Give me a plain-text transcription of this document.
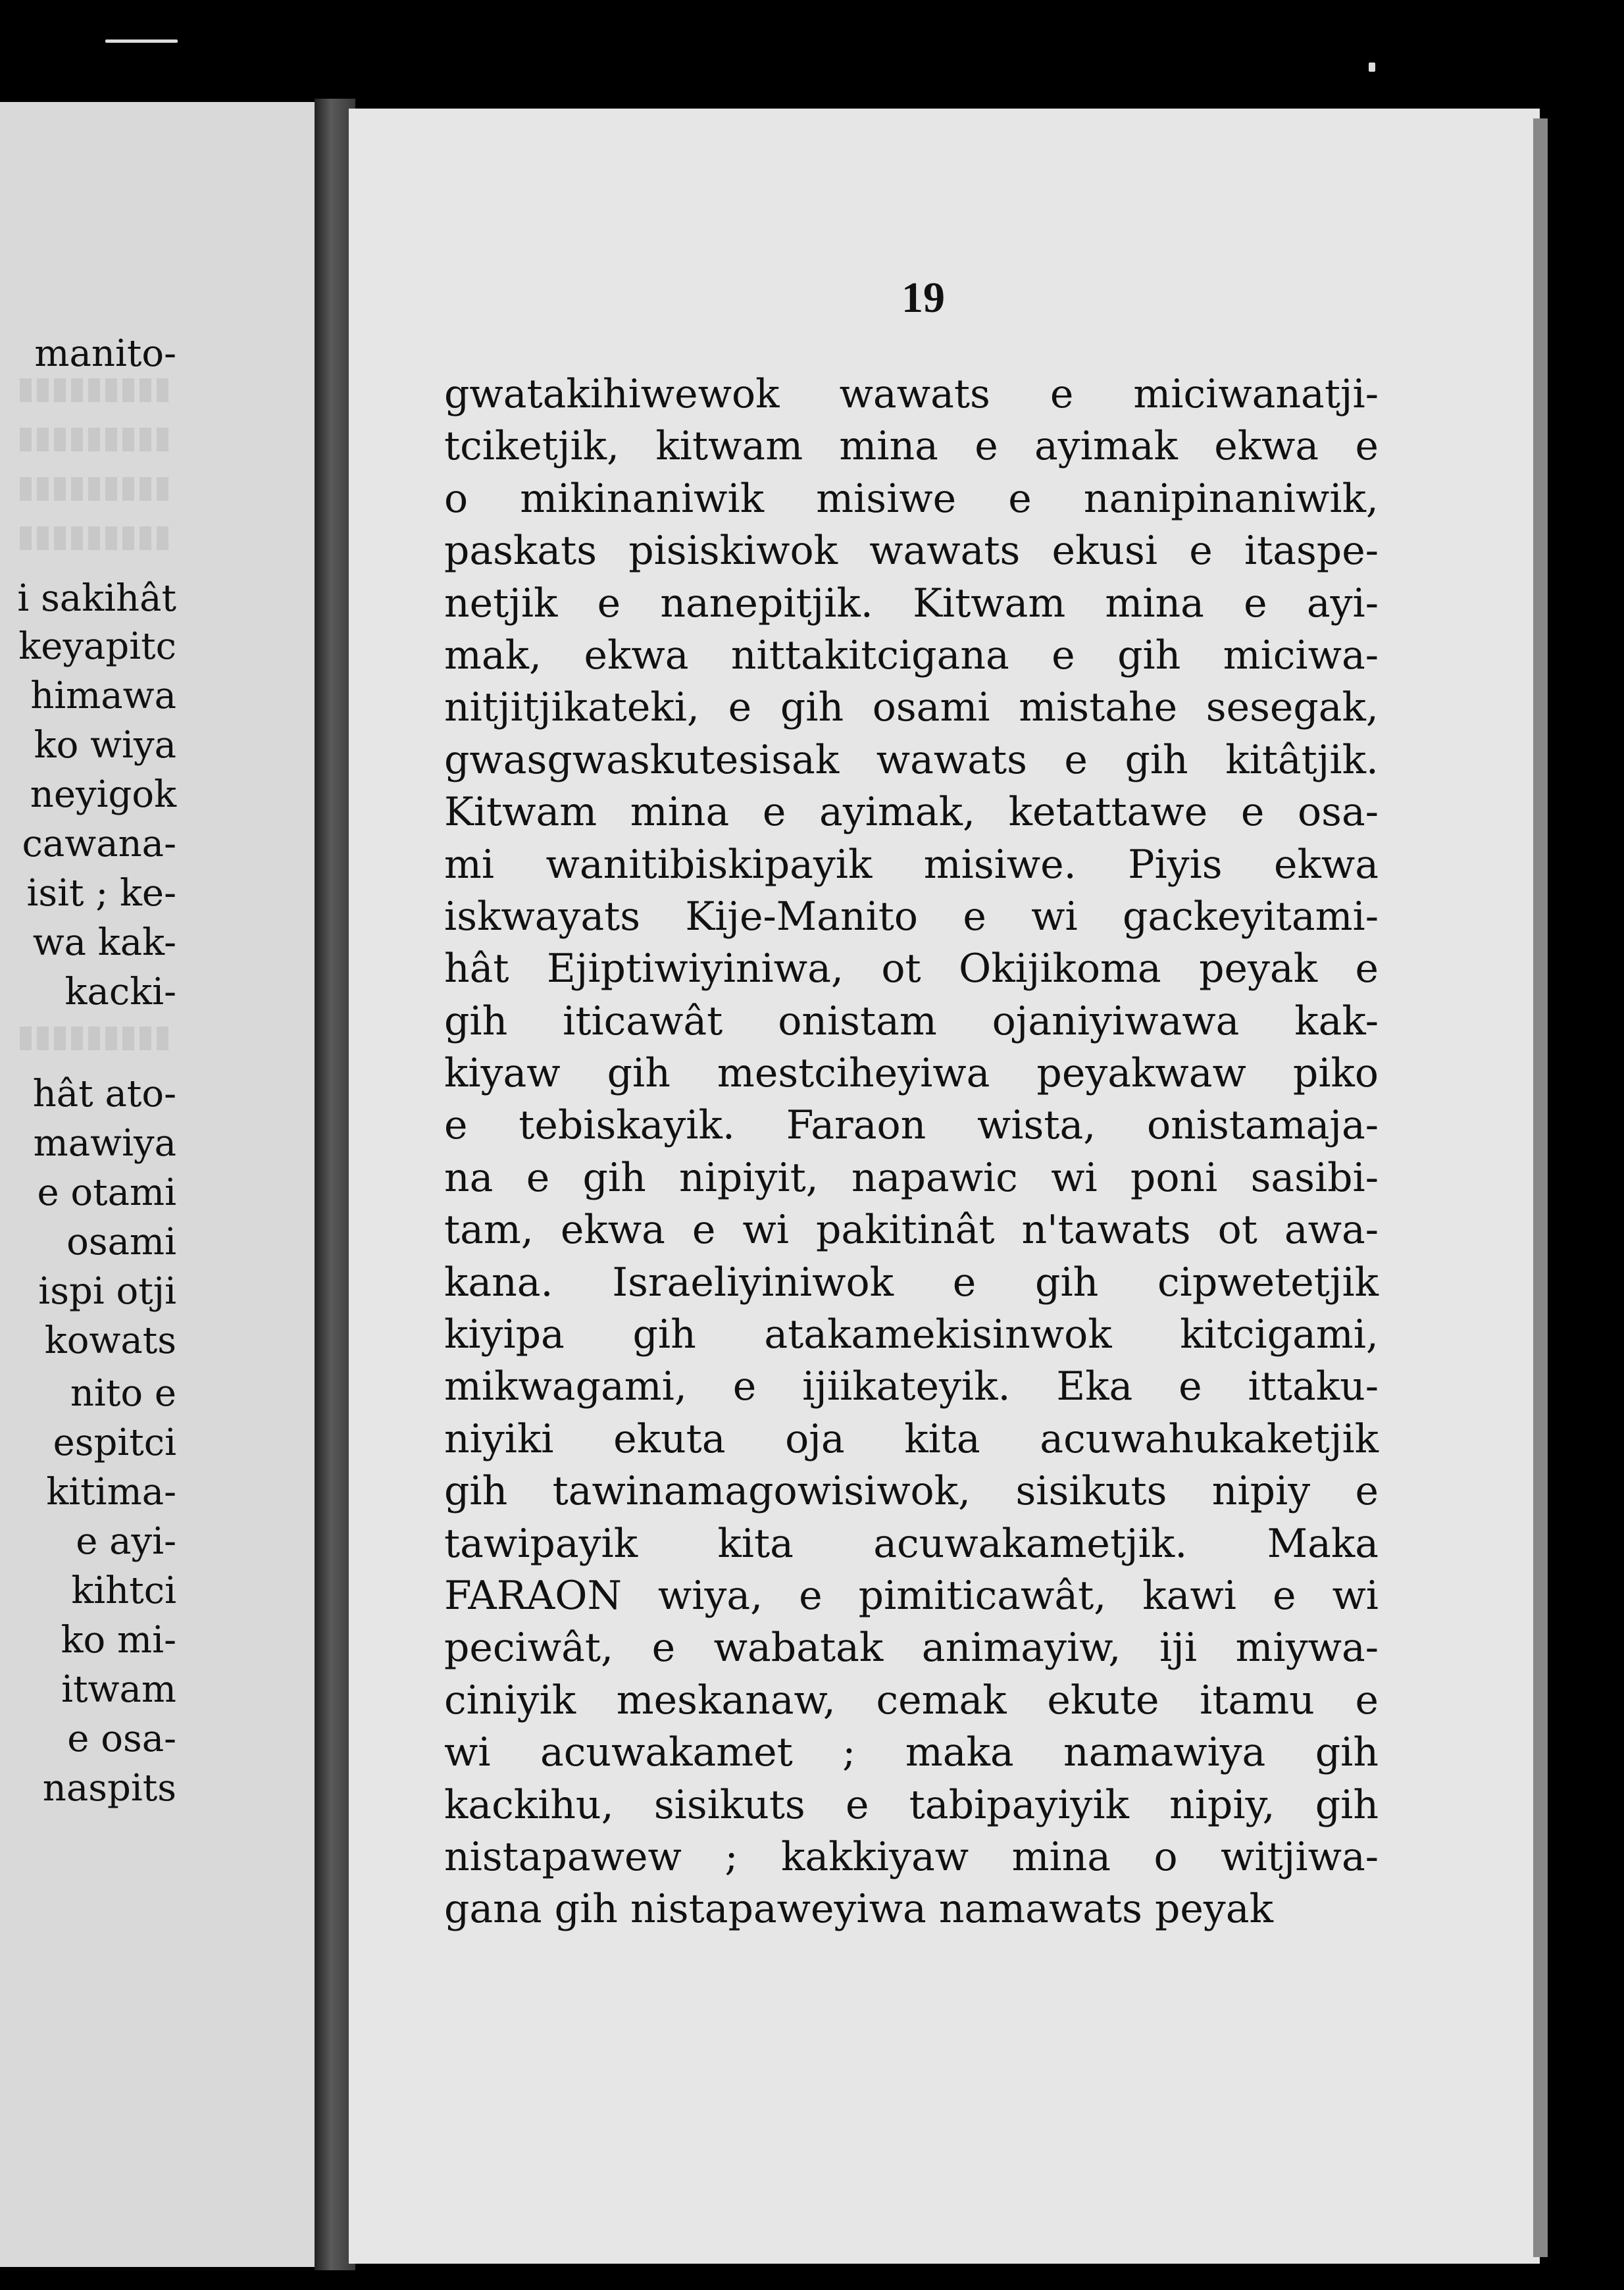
manito-
i sakihât
keyapitc
himawa
ko wiya
neyigok
cawana-
isit ; ke-
wa kak-
kacki-
hât ato-
mawiya
e otami
osami
ispi otji
kowats
nito e
espitci
kitima-
e ayi-
kihtci
ko mi-
itwam
e osa-
naspits
19
gwatakihiwewok wawats e miciwanatji-
tciketjik, kitwam mina e ayimak ekwa e
o mikinaniwik misiwe e nanipinaniwik,
paskats pisiskiwok wawats ekusi e itaspe-
netjik e nanepitjik. Kitwam mina e ayi-
mak, ekwa nittakitcigana e gih miciwa-
nitjitjikateki, e gih osami mistahe sesegak,
gwasgwaskutesisak wawats e gih kitâtjik.
Kitwam mina e ayimak, ketattawe e osa-
mi wanitibiskipayik misiwe. Piyis ekwa
iskwayats Kije-Manito e wi gackeyitami-
hât Ejiptiwiyiniwa, ot Okijikoma peyak e
gih iticawât onistam ojaniyiwawa kak-
kiyaw gih mestciheyiwa peyakwaw piko
e tebiskayik. Faraon wista, onistamaja-
na e gih nipiyit, napawic wi poni sasibi-
tam, ekwa e wi pakitinât n'tawats ot awa-
kana. Israeliyiniwok e gih cipwetetjik
kiyipa gih atakamekisinwok kitcigami,
mikwagami, e ijiikateyik. Eka e ittaku-
niyiki ekuta oja kita acuwahukaketjik
gih tawinamagowisiwok, sisikuts nipiy e
tawipayik kita acuwakametjik. Maka
FARAON wiya, e pimiticawât, kawi e wi
peciwât, e wabatak animayiw, iji miywa-
ciniyik meskanaw, cemak ekute itamu e
wi acuwakamet ; maka namawiya gih
kackihu, sisikuts e tabipayiyik nipiy, gih
nistapawew ; kakkiyaw mina o witjiwa-
gana gih nistapaweyiwa namawats peyak
